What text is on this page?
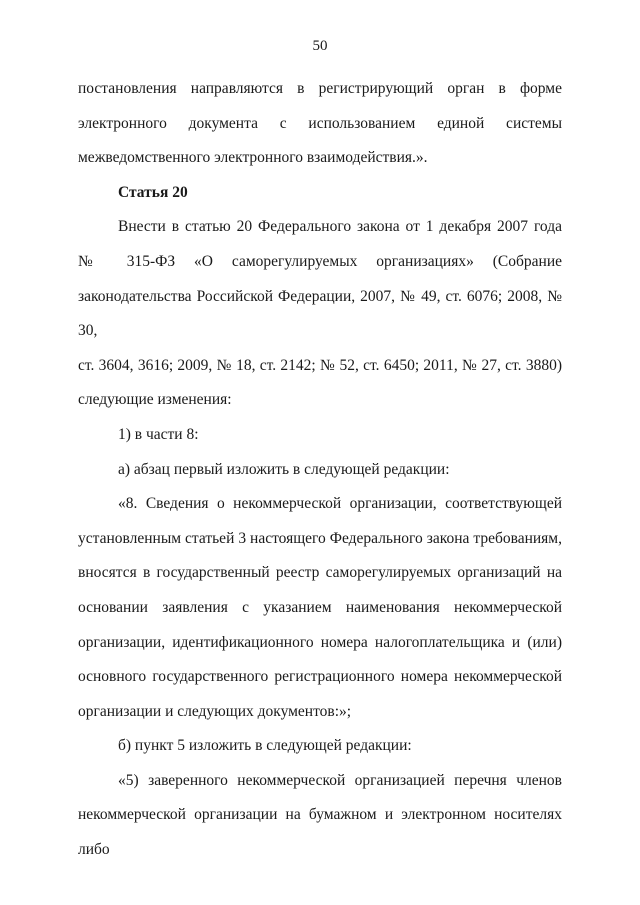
50

постановления направляются в регистрирующий орган в форме
электронного документа с использованием единой системы
межведомственного электронного взаимодействия.».

Статья 20

Внести в статью 20 Федерального закона от 1 декабря 2007 года
№ 315-ФЗ «О саморегулируемых организациях» (Собрание
законодательства Российской Федерации, 2007, № 49, ст. 6076; 2008, № 30,
ст. 3604, 3616; 2009, № 18, ст. 2142; № 52, ст. 6450; 2011, № 27, ст. 3880)
следующие изменения:

1) в части 8:

а) абзац первый изложить в следующей редакции:

«8. Сведения о некоммерческой организации, соответствующей
установленным статьей 3 настоящего Федерального закона требованиям,
вносятся в государственный реестр саморегулируемых организаций на
основании заявления с указанием наименования некоммерческой
организации, идентификационного номера налогоплательщика и (или)
основного государственного регистрационного номера некоммерческой
организации и следующих документов:»;

б) пункт 5 изложить в следующей редакции:

«5) заверенного некоммерческой организацией перечня членов
некоммерческой организации на бумажном и электронном носителях либо
